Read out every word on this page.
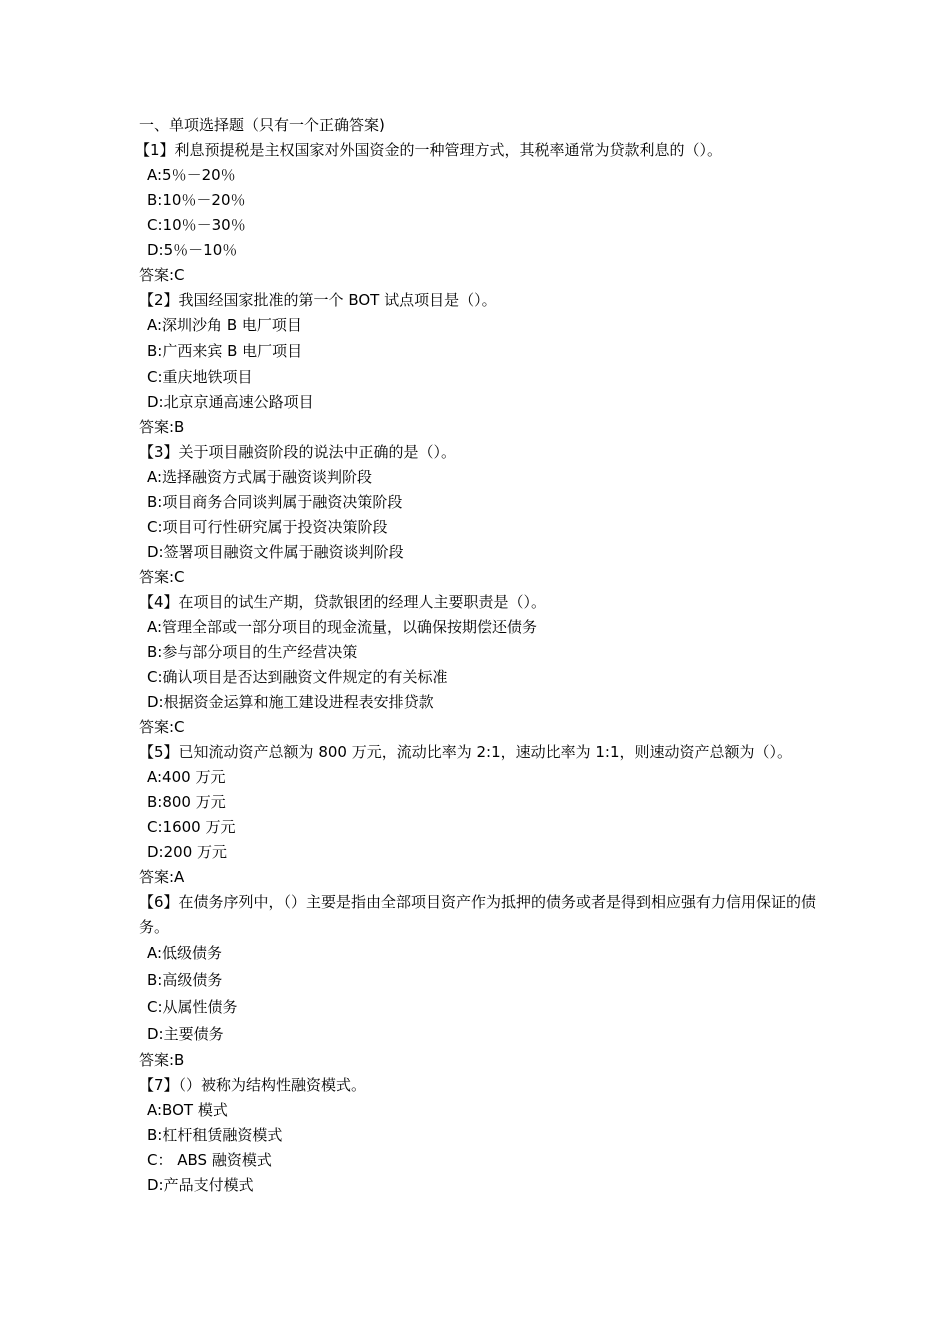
一、单项选择题（只有一个正确答案)
【1】利息预提税是主权国家对外国资金的一种管理方式，其税率通常为贷款利息的（）。
A:5％－20％
B:10％－20％
C:10％－30％
D:5％－10％
答案:C
【2】我国经国家批准的第一个 BOT 试点项目是（）。
A:深圳沙角 B 电厂项目
B:广西来宾 B 电厂项目
C:重庆地铁项目
D:北京京通高速公路项目
答案:B
【3】关于项目融资阶段的说法中正确的是（）。
A:选择融资方式属于融资谈判阶段
B:项目商务合同谈判属于融资决策阶段
C:项目可行性研究属于投资决策阶段
D:签署项目融资文件属于融资谈判阶段
答案:C
【4】在项目的试生产期，贷款银团的经理人主要职责是（）。
A:管理全部或一部分项目的现金流量，以确保按期偿还债务
B:参与部分项目的生产经营决策
C:确认项目是否达到融资文件规定的有关标准
D:根据资金运算和施工建设进程表安排贷款
答案:C
【5】已知流动资产总额为 800 万元，流动比率为 2:1，速动比率为 1:1，则速动资产总额为（）。
A:400 万元
B:800 万元
C:1600 万元
D:200 万元
答案:A
【6】在债务序列中，（）主要是指由全部项目资产作为抵押的债务或者是得到相应强有力信用保证的债务。
A:低级债务
B:高级债务
C:从属性债务
D:主要债务
答案:B
【7】（）被称为结构性融资模式。
A:BOT 模式
B:杠杆租赁融资模式
C： ABS 融资模式
D:产品支付模式
